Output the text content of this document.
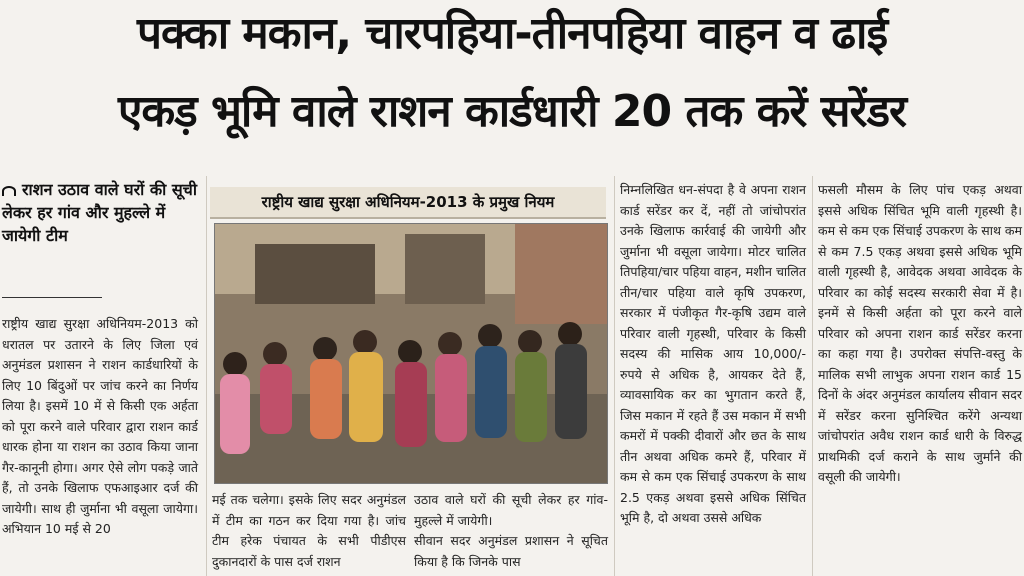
पक्का मकान, चारपहिया-तीनपहिया वाहन व ढाई
एकड़ भूमि वाले राशन कार्डधारी 20 तक करें सरेंडर
राशन उठाव वाले घरों की सूची लेकर हर गांव और मुहल्ले में जायेगी टीम

राष्ट्रीय खाद्य सुरक्षा अधिनियम-2013 को धरातल पर उतारने के लिए जिला एवं अनुमंडल प्रशासन ने राशन कार्डधारियों के लिए 10 बिंदुओं पर जांच करने का निर्णय लिया है। इसमें 10 में से किसी एक अर्हता को पूरा करने वाले परिवार द्वारा राशन कार्ड धारक होना या राशन का उठाव किया जाना गैर-कानूनी होगा। अगर ऐसे लोग पकड़े जाते हैं, तो उनके खिलाफ एफआइआर दर्ज की जायेगी। साथ ही जुर्माना भी वसूला जायेगा। अभियान 10 मई से 20

राष्ट्रीय खाद्य सुरक्षा अधिनियम-2013 के प्रमुख नियम

मई तक चलेगा। इसके लिए सदर अनुमंडल में टीम का गठन कर दिया गया है। जांच टीम हरेक पंचायत के सभी पीडीएस दुकानदारों के पास दर्ज राशन

उठाव वाले घरों की सूची लेकर हर गांव-मुहल्ले में जायेगी।

सीवान सदर अनुमंडल प्रशासन ने सूचित किया है कि जिनके पास

निम्नलिखित धन-संपदा है वे अपना राशन कार्ड सरेंडर कर दें, नहीं तो जांचोपरांत उनके खिलाफ कार्रवाई की जायेगी और जुर्माना भी वसूला जायेगा। मोटर चालित तिपहिया/चार पहिया वाहन, मशीन चालित तीन/चार पहिया वाले कृषि उपकरण, सरकार में पंजीकृत गैर-कृषि उद्यम वाले परिवार वाली गृहस्थी, परिवार के किसी सदस्य की मासिक आय 10,000/- रुपये से अधिक है, आयकर देते हैं, व्यावसायिक कर का भुगतान करते हैं, जिस मकान में रहते हैं उस मकान में सभी कमरों में पक्की दीवारों और छत के साथ तीन अथवा अधिक कमरे हैं, परिवार में कम से कम एक सिंचाई उपकरण के साथ 2.5 एकड़ अथवा इससे अधिक सिंचित भूमि है, दो अथवा उससे अधिक

फसली मौसम के लिए पांच एकड़ अथवा इससे अधिक सिंचित भूमि वाली गृहस्थी है। कम से कम एक सिंचाई उपकरण के साथ कम से कम 7.5 एकड़ अथवा इससे अधिक भूमि वाली गृहस्थी है, आवेदक अथवा आवेदक के परिवार का कोई सदस्य सरकारी सेवा में है। इनमें से किसी अर्हता को पूरा करने वाले परिवार को अपना राशन कार्ड सरेंडर करना का कहा गया है। उपरोक्त संपत्ति-वस्तु के मालिक सभी लाभुक अपना राशन कार्ड 15 दिनों के अंदर अनुमंडल कार्यालय सीवान सदर में सरेंडर करना सुनिश्चित करेंगे अन्यथा जांचोपरांत अवैध राशन कार्ड धारी के विरुद्ध प्राथमिकी दर्ज कराने के साथ जुर्माने की वसूली की जायेगी।
